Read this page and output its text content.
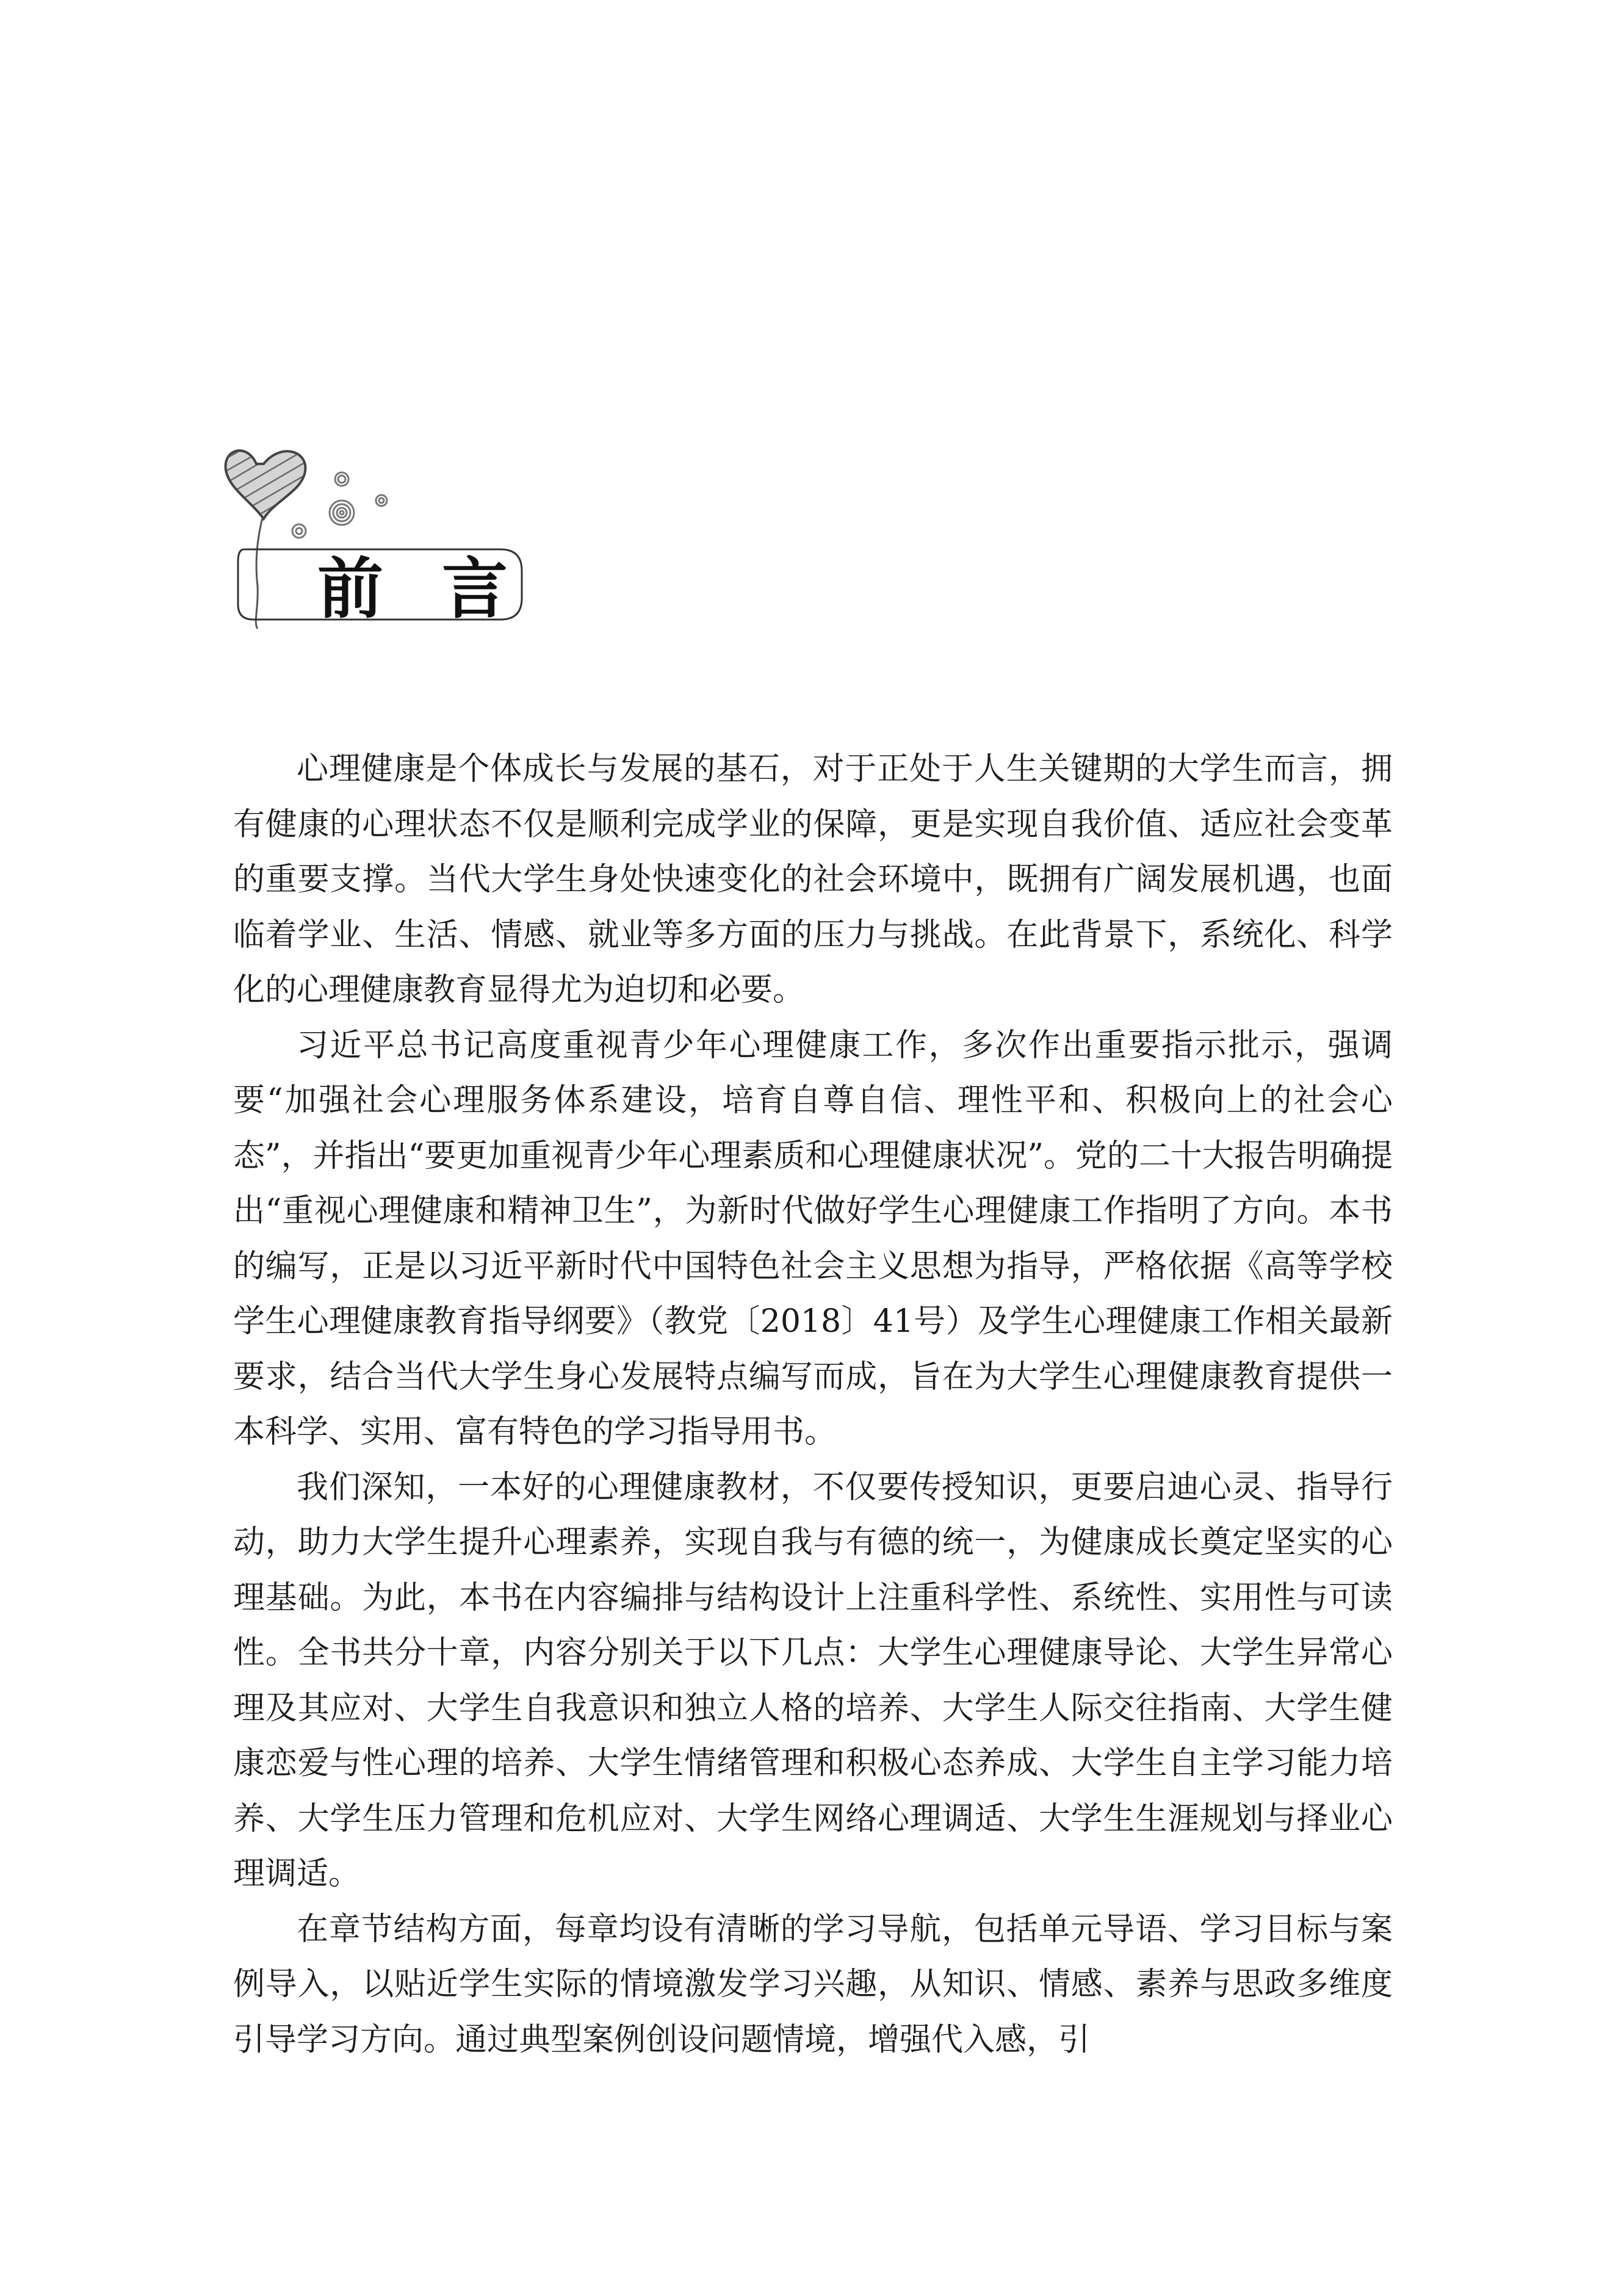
前言

心理健康是个体成长与发展的基石，对于正处于人生关键期的大学生而言，拥有健康的心理状态不仅是顺利完成学业的保障，更是实现自我价值、适应社会变革的重要支撑。当代大学生身处快速变化的社会环境中，既拥有广阔发展机遇，也面临着学业、生活、情感、就业等多方面的压力与挑战。在此背景下，系统化、科学化的心理健康教育显得尤为迫切和必要。

习近平总书记高度重视青少年心理健康工作，多次作出重要指示批示，强调要“加强社会心理服务体系建设，培育自尊自信、理性平和、积极向上的社会心态”，并指出“要更加重视青少年心理素质和心理健康状况”。党的二十大报告明确提出“重视心理健康和精神卫生”，为新时代做好学生心理健康工作指明了方向。本书的编写，正是以习近平新时代中国特色社会主义思想为指导，严格依据《高等学校学生心理健康教育指导纲要》（教党〔2018〕41号）及学生心理健康工作相关最新要求，结合当代大学生身心发展特点编写而成，旨在为大学生心理健康教育提供一本科学、实用、富有特色的学习指导用书。

我们深知，一本好的心理健康教材，不仅要传授知识，更要启迪心灵、指导行动，助力大学生提升心理素养，实现自我与有德的统一，为健康成长奠定坚实的心理基础。为此，本书在内容编排与结构设计上注重科学性、系统性、实用性与可读性。全书共分十章，内容分别关于以下几点：大学生心理健康导论、大学生异常心理及其应对、大学生自我意识和独立人格的培养、大学生人际交往指南、大学生健康恋爱与性心理的培养、大学生情绪管理和积极心态养成、大学生自主学习能力培养、大学生压力管理和危机应对、大学生网络心理调适、大学生生涯规划与择业心理调适。

在章节结构方面，每章均设有清晰的学习导航，包括单元导语、学习目标与案例导入，以贴近学生实际的情境激发学习兴趣，从知识、情感、素养与思政多维度引导学习方向。通过典型案例创设问题情境，增强代入感，引
